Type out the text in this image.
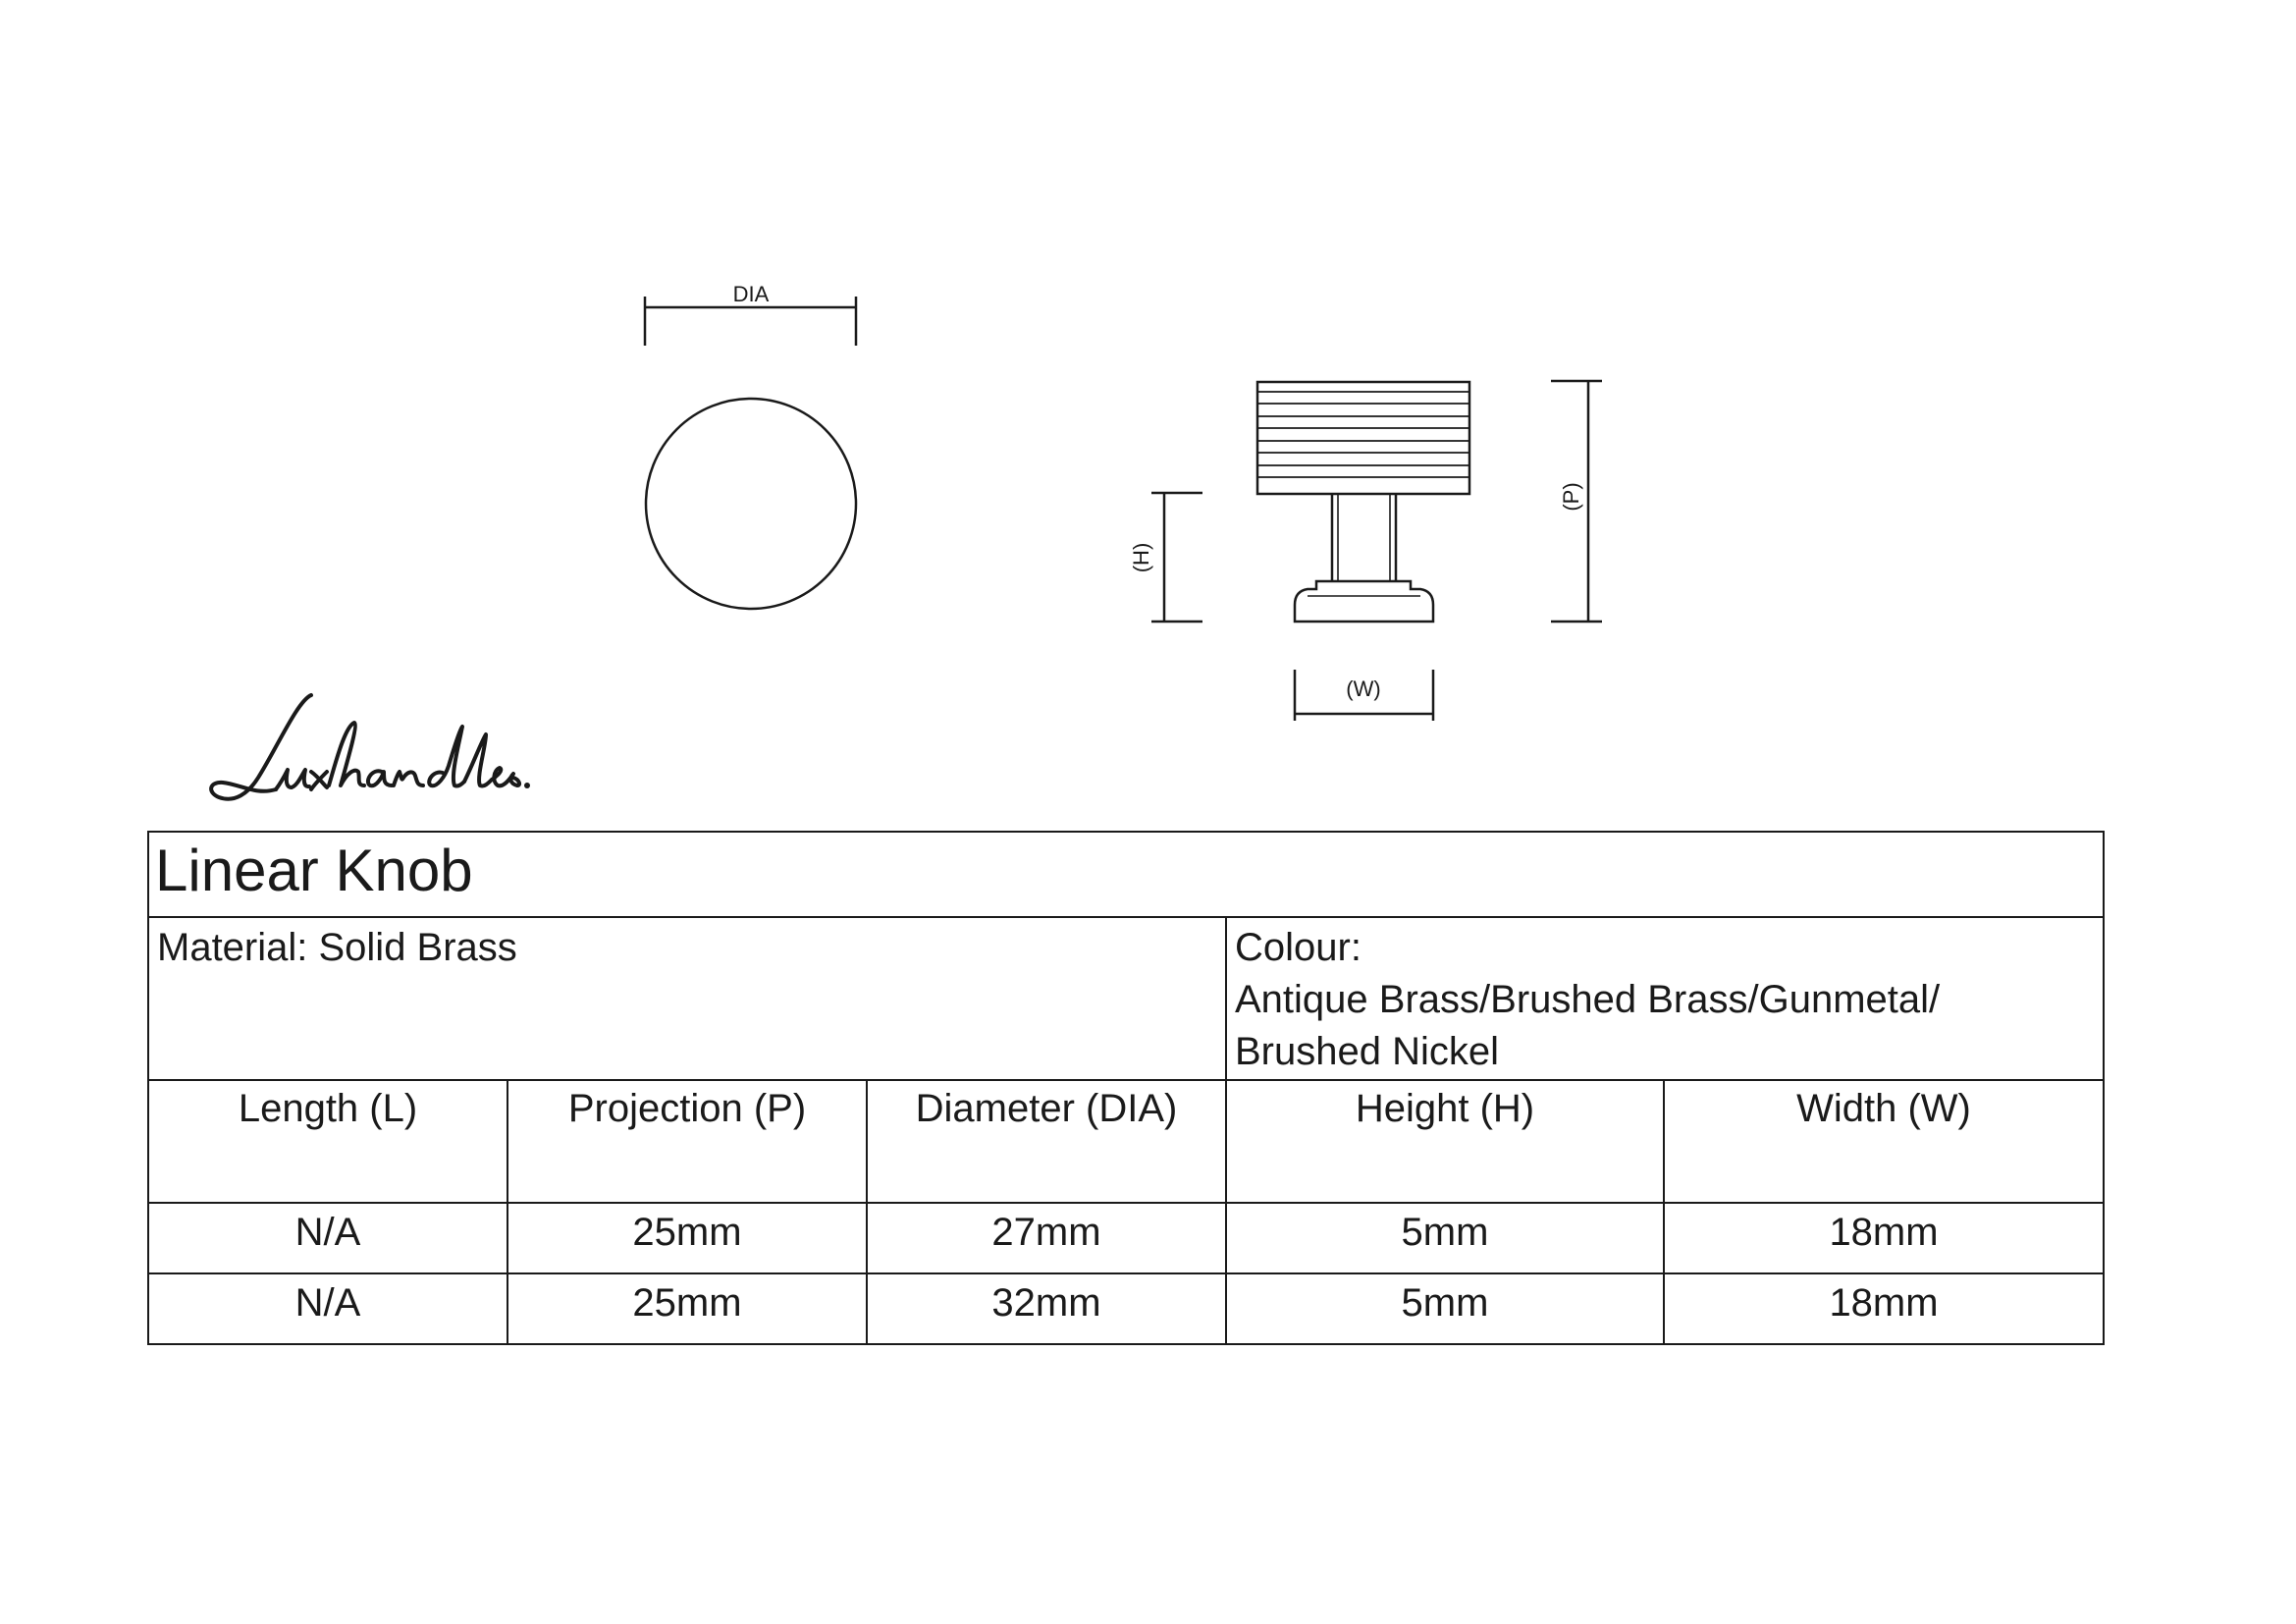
DIA
(H)
(P)
(W)
Linear Knob				

Material: Solid Brass			Colour:
Antique Brass/Brushed Brass/Gunmetal/
Brushed Nickel	

Length (L)	Projection (P)	Diameter (DIA)	Height (H)	Width (W)
N/A	25mm	27mm	5mm	18mm
N/A	25mm	32mm	5mm	18mm
